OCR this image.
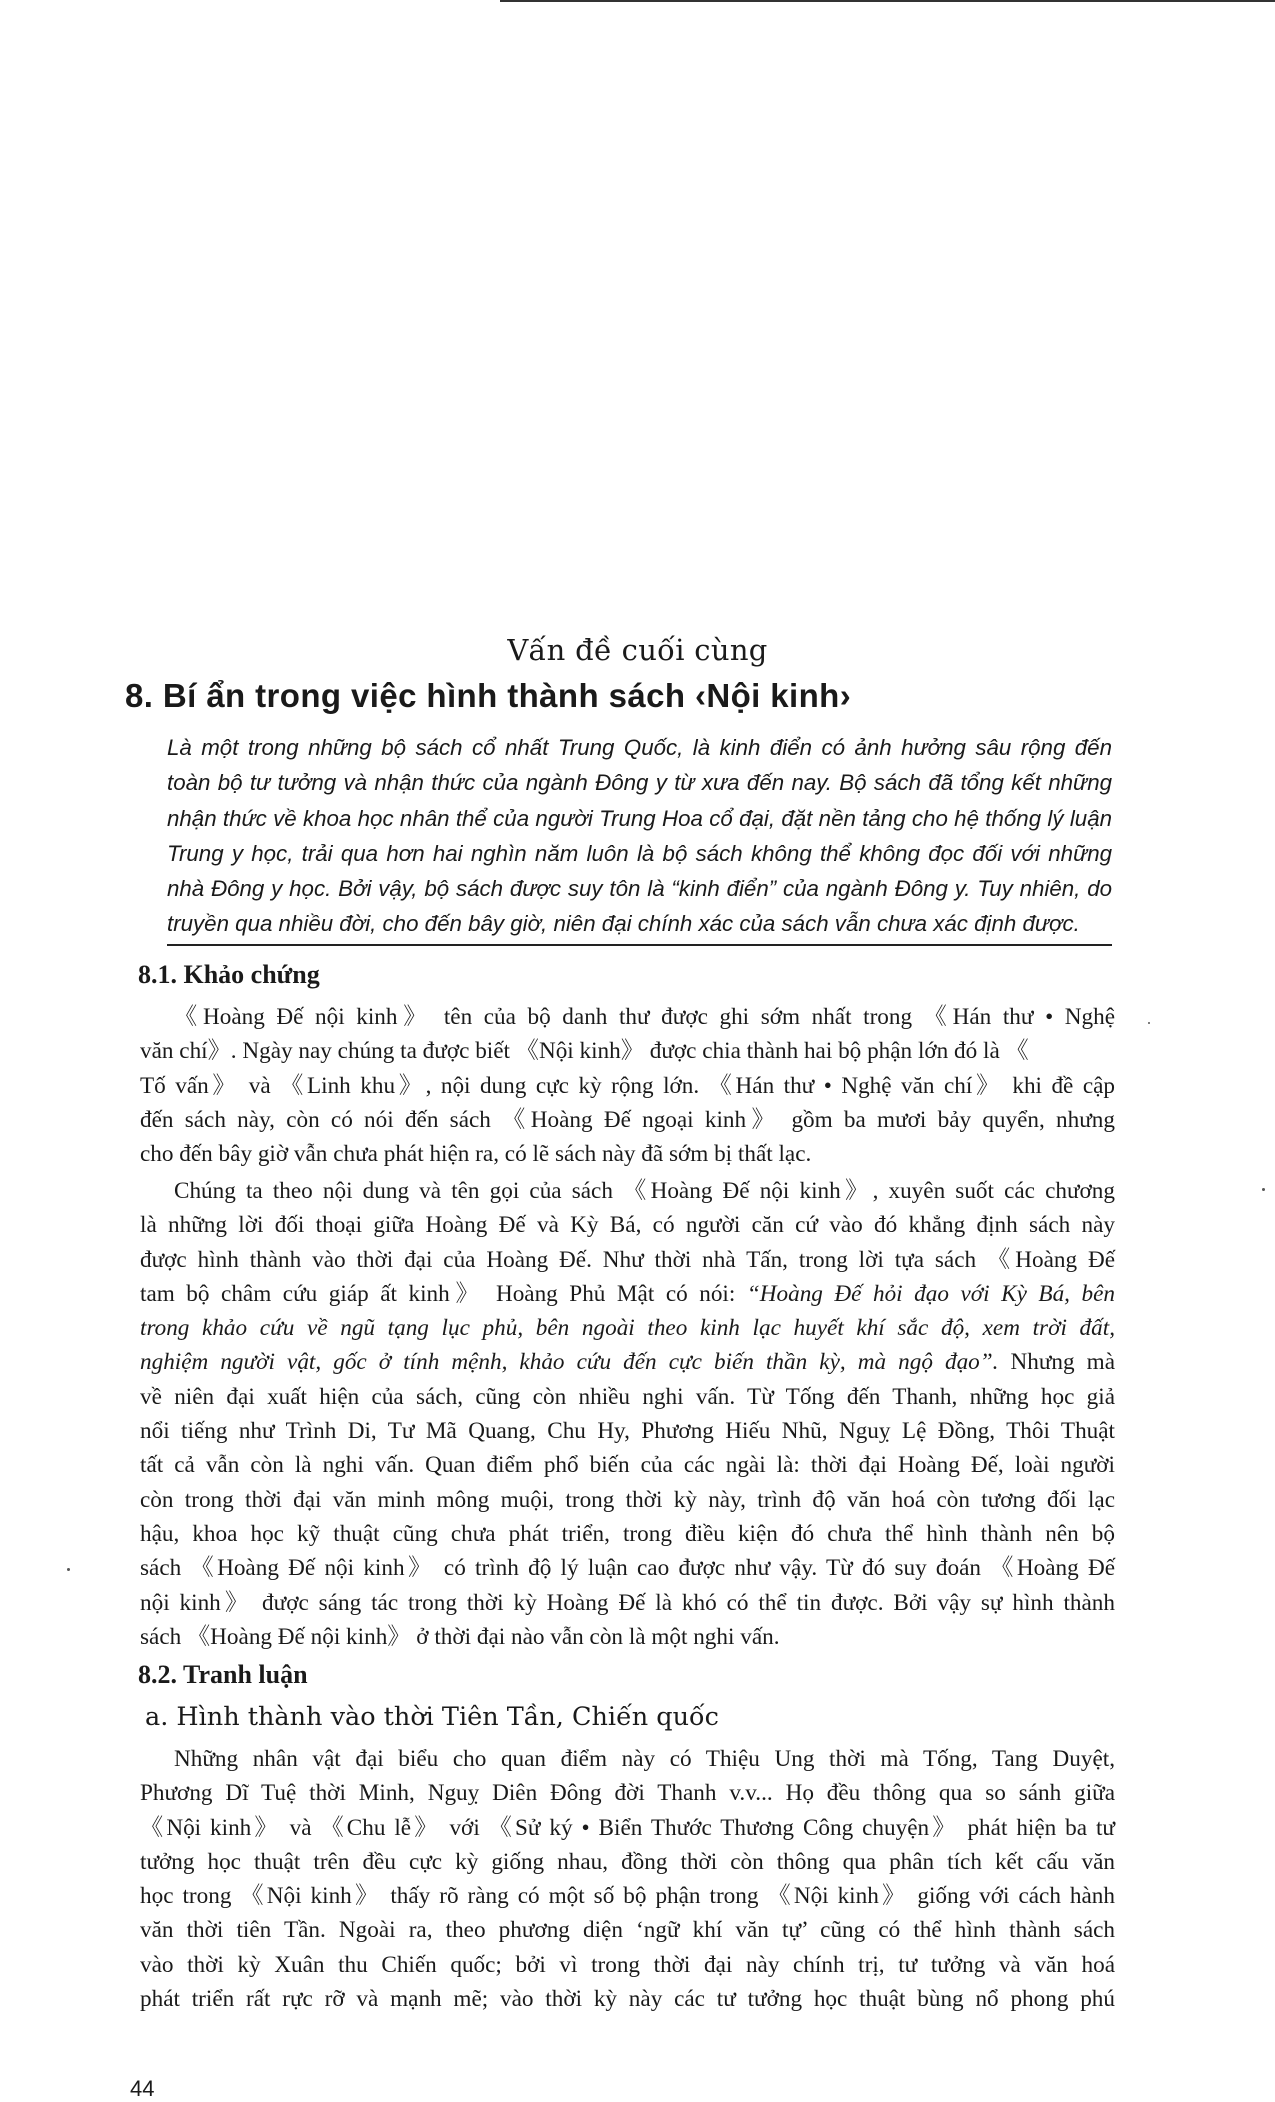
Vấn đề cuối cùng
8. Bí ẩn trong việc hình thành sách ‹Nội kinh›
Là một trong những bộ sách cổ nhất Trung Quốc, là kinh điển có ảnh hưởng sâu rộng đến
toàn bộ tư tưởng và nhận thức của ngành Đông y từ xưa đến nay. Bộ sách đã tổng kết những
nhận thức về khoa học nhân thể của người Trung Hoa cổ đại, đặt nền tảng cho hệ thống lý luận
Trung y học, trải qua hơn hai nghìn năm luôn là bộ sách không thể không đọc đối với những
nhà Đông y học. Bởi vậy, bộ sách được suy tôn là “kinh điển” của ngành Đông y. Tuy nhiên, do
truyền qua nhiều đời, cho đến bây giờ, niên đại chính xác của sách vẫn chưa xác định được.
8.1. Khảo chứng
《Hoàng Đế nội kinh》 tên của bộ danh thư được ghi sớm nhất trong 《Hán thư • Nghệ
văn chí》. Ngày nay chúng ta được biết 《Nội kinh》 được chia thành hai bộ phận lớn đó là 《
Tố vấn》 và 《Linh khu》, nội dung cực kỳ rộng lớn. 《Hán thư • Nghệ văn chí》 khi đề cập
đến sách này, còn có nói đến sách 《Hoàng Đế ngoại kinh》 gồm ba mươi bảy quyển, nhưng
cho đến bây giờ vẫn chưa phát hiện ra, có lẽ sách này đã sớm bị thất lạc.
Chúng ta theo nội dung và tên gọi của sách 《Hoàng Đế nội kinh》, xuyên suốt các chương
là những lời đối thoại giữa Hoàng Đế và Kỳ Bá, có người căn cứ vào đó khẳng định sách này
được hình thành vào thời đại của Hoàng Đế. Như thời nhà Tấn, trong lời tựa sách 《Hoàng Đế
tam bộ châm cứu giáp ất kinh》 Hoàng Phủ Mật có nói: “Hoàng Đế hỏi đạo với Kỳ Bá, bên
trong khảo cứu về ngũ tạng lục phủ, bên ngoài theo kinh lạc huyết khí sắc độ, xem trời đất,
nghiệm người vật, gốc ở tính mệnh, khảo cứu đến cực biến thần kỳ, mà ngộ đạo”. Nhưng mà
về niên đại xuất hiện của sách, cũng còn nhiều nghi vấn. Từ Tống đến Thanh, những học giả
nổi tiếng như Trình Di, Tư Mã Quang, Chu Hy, Phương Hiếu Nhũ, Nguỵ Lệ Đồng, Thôi Thuật
tất cả vẫn còn là nghi vấn. Quan điểm phổ biến của các ngài là: thời đại Hoàng Đế, loài người
còn trong thời đại văn minh mông muội, trong thời kỳ này, trình độ văn hoá còn tương đối lạc
hậu, khoa học kỹ thuật cũng chưa phát triển, trong điều kiện đó chưa thể hình thành nên bộ
sách 《Hoàng Đế nội kinh》 có trình độ lý luận cao được như vậy. Từ đó suy đoán 《Hoàng Đế
nội kinh》 được sáng tác trong thời kỳ Hoàng Đế là khó có thể tin được. Bởi vậy sự hình thành
sách 《Hoàng Đế nội kinh》 ở thời đại nào vẫn còn là một nghi vấn.
8.2. Tranh luận
a. Hình thành vào thời Tiên Tần, Chiến quốc
Những nhân vật đại biểu cho quan điểm này có Thiệu Ung thời mà Tống, Tang Duyệt,
Phương Dĩ Tuệ thời Minh, Nguỵ Diên Đông đời Thanh v.v... Họ đều thông qua so sánh giữa
《Nội kinh》 và 《Chu lễ》 với 《Sử ký • Biển Thước Thương Công chuyện》 phát hiện ba tư
tưởng học thuật trên đều cực kỳ giống nhau, đồng thời còn thông qua phân tích kết cấu văn
học trong 《Nội kinh》 thấy rõ ràng có một số bộ phận trong 《Nội kinh》 giống với cách hành
văn thời tiên Tần. Ngoài ra, theo phương diện ‘ngữ khí văn tự’ cũng có thể hình thành sách
vào thời kỳ Xuân thu Chiến quốc; bởi vì trong thời đại này chính trị, tư tưởng và văn hoá
phát triển rất rực rỡ và mạnh mẽ; vào thời kỳ này các tư tưởng học thuật bùng nổ phong phú
44
